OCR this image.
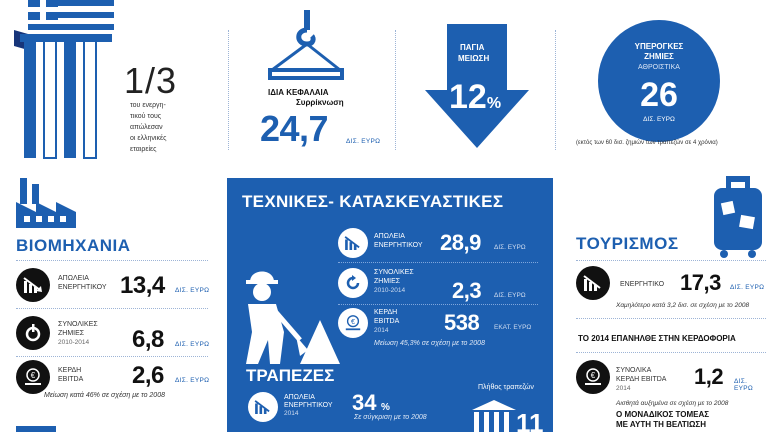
1/3
του ενεργη-
τικού τους
απώλεσαν
οι ελληνικές
εταιρείες
ΙΔΙΑ ΚΕΦΑΛΑΙΑ
Συρρίκνωση
24,7	ΔΙΣ. ΕΥΡΩ
ΠΑΓΙΑ
ΜΕΙΩΣΗ
12%
ΥΠΕΡΟΓΚΕΣ
ΖΗΜΙΕΣ
ΑΘΡΟΙΣΤΙΚΑ
26
ΔΙΣ. ΕΥΡΩ
(εκτός των 60 δισ. ζημιών των τραπεζών σε 4 χρόνια)
ΒΙΟΜΗΧΑΝΙΑ
ΑΠΩΛΕΙΑ
ΕΝΕΡΓΗΤΙΚΟΥ 13,4 ΔΙΣ. ΕΥΡΩ
ΣΥΝΟΛΙΚΕΣ
ΖΗΜΙΕΣ
2010-2014	6,8 ΔΙΣ. ΕΥΡΩ
€
ΚΕΡΔΗ
EBITDA 2,6 ΔΙΣ. ΕΥΡΩ
Μείωση κατά 46% σε σχέση με το 2008
ΤΕΧΝΙΚΕΣ- ΚΑΤΑΣΚΕΥΑΣΤΙΚΕΣ
ΑΠΩΛΕΙΑ
ΕΝΕΡΓΗΤΙΚΟΥ 28,9 ΔΙΣ. ΕΥΡΩ
ΣΥΝΟΛΙΚΕΣ
ΖΗΜΙΕΣ
2010-2014	2,3 ΔΙΣ. ΕΥΡΩ
€
ΚΕΡΔΗ
EBITDA
2014	538 ΕΚΑΤ. ΕΥΡΩ
Μείωση 45,3% σε σχέση με το 2008
ΤΡΑΠΕΖΕΣ
ΑΠΩΛΕΙΑ
ΕΝΕΡΓΗΤΙΚΟΥ
2014	34 %
Σε σύγκριση με το 2008
Πλήθος τραπεζών
11
ΤΟΥΡΙΣΜΟΣ
ΕΝΕΡΓΗΤΙΚΟ 17,3 ΔΙΣ. ΕΥΡΩ
Χαμηλότερο κατά 3,2 δισ. σε σχέση με το 2008
ΤΟ 2014 ΕΠΑΝΗΛΘΕ ΣΤΗΝ ΚΕΡΔΟΦΟΡΙΑ
€
ΣΥΝΟΛΙΚΑ
ΚΕΡΔΗ EBITDA
2014	1,2 ΔΙΣ. ΕΥΡΩ
Αισθητά αυξημένα σε σχέση με το 2008
Ο ΜΟΝΑΔΙΚΟΣ ΤΟΜΕΑΣ
ΜΕ ΑΥΤΗ ΤΗ ΒΕΛΤΙΩΣΗ
